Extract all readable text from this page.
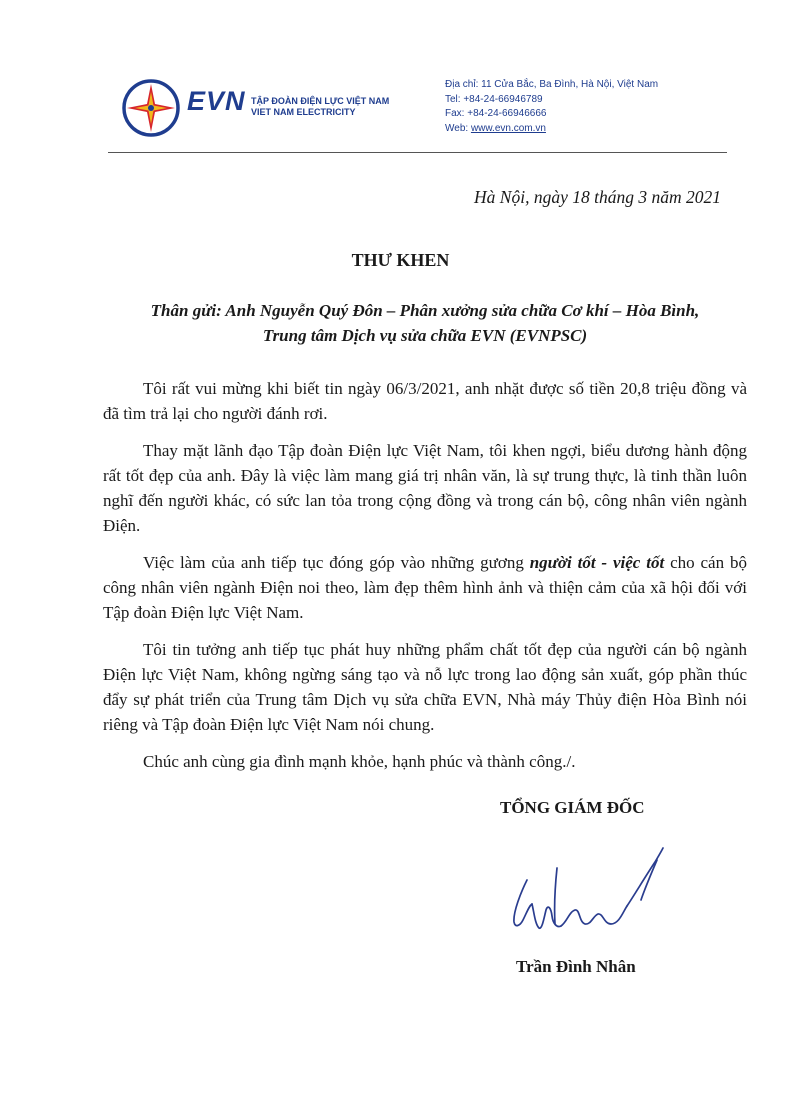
EVN TẬP ĐOÀN ĐIỆN LỰC VIỆT NAM
VIET NAM ELECTRICITY
Địa chỉ: 11 Cửa Bắc, Ba Đình, Hà Nội, Việt Nam
Tel: +84-24-66946789
Fax: +84-24-66946666
Web: www.evn.com.vn
Hà Nội, ngày 18 tháng 3 năm 2021
THƯ KHEN
Thân gửi: Anh Nguyễn Quý Đôn – Phân xưởng sửa chữa Cơ khí – Hòa Bình,
Trung tâm Dịch vụ sửa chữa EVN (EVNPSC)

Tôi rất vui mừng khi biết tin ngày 06/3/2021, anh nhặt được số tiền 20,8 triệu đồng và đã tìm trả lại cho người đánh rơi.

Thay mặt lãnh đạo Tập đoàn Điện lực Việt Nam, tôi khen ngợi, biểu dương hành động rất tốt đẹp của anh. Đây là việc làm mang giá trị nhân văn, là sự trung thực, là tinh thần luôn nghĩ đến người khác, có sức lan tỏa trong cộng đồng và trong cán bộ, công nhân viên ngành Điện.

Việc làm của anh tiếp tục đóng góp vào những gương người tốt - việc tốt cho cán bộ công nhân viên ngành Điện noi theo, làm đẹp thêm hình ảnh và thiện cảm của xã hội đối với Tập đoàn Điện lực Việt Nam.

Tôi tin tưởng anh tiếp tục phát huy những phẩm chất tốt đẹp của người cán bộ ngành Điện lực Việt Nam, không ngừng sáng tạo và nỗ lực trong lao động sản xuất, góp phần thúc đẩy sự phát triển của Trung tâm Dịch vụ sửa chữa EVN, Nhà máy Thủy điện Hòa Bình nói riêng và Tập đoàn Điện lực Việt Nam nói chung.

Chúc anh cùng gia đình mạnh khỏe, hạnh phúc và thành công./.

TỔNG GIÁM ĐỐC
Trần Đình Nhân
